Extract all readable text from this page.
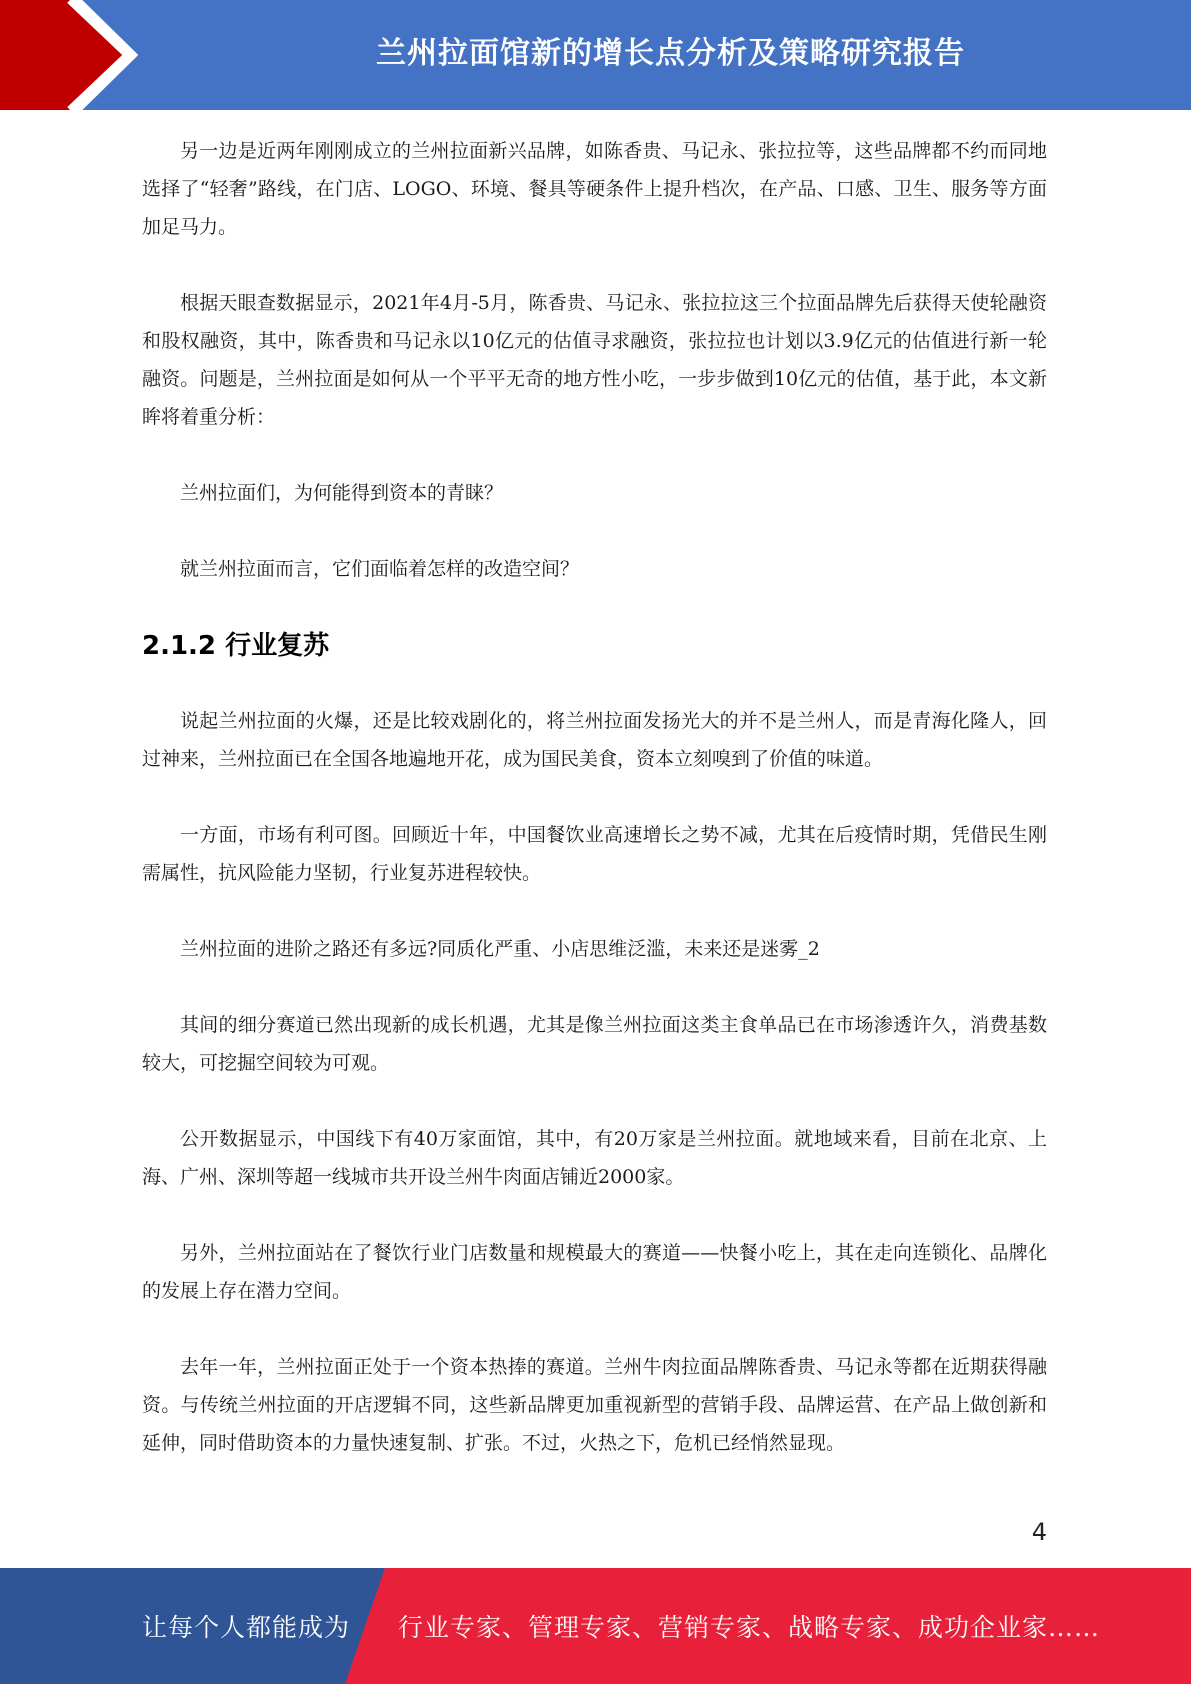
兰州拉面馆新的增长点分析及策略研究报告

另一边是近两年刚刚成立的兰州拉面新兴品牌，如陈香贵、马记永、张拉拉等，这些品牌都不约而同地选择了“轻奢”路线，在门店、LOGO、环境、餐具等硬条件上提升档次，在产品、口感、卫生、服务等方面加足马力。

根据天眼查数据显示，2021年4月-5月，陈香贵、马记永、张拉拉这三个拉面品牌先后获得天使轮融资和股权融资，其中，陈香贵和马记永以10亿元的估值寻求融资，张拉拉也计划以3.9亿元的估值进行新一轮融资。问题是，兰州拉面是如何从一个平平无奇的地方性小吃，一步步做到10亿元的估值，基于此，本文新眸将着重分析：

兰州拉面们，为何能得到资本的青睐？

就兰州拉面而言，它们面临着怎样的改造空间？

2.1.2 行业复苏

说起兰州拉面的火爆，还是比较戏剧化的，将兰州拉面发扬光大的并不是兰州人，而是青海化隆人，回过神来，兰州拉面已在全国各地遍地开花，成为国民美食，资本立刻嗅到了价值的味道。

一方面，市场有利可图。回顾近十年，中国餐饮业高速增长之势不减，尤其在后疫情时期，凭借民生刚需属性，抗风险能力坚韧，行业复苏进程较快。

兰州拉面的进阶之路还有多远?同质化严重、小店思维泛滥，未来还是迷雾_2

其间的细分赛道已然出现新的成长机遇，尤其是像兰州拉面这类主食单品已在市场渗透许久，消费基数较大，可挖掘空间较为可观。

公开数据显示，中国线下有40万家面馆，其中，有20万家是兰州拉面。就地域来看，目前在北京、上海、广州、深圳等超一线城市共开设兰州牛肉面店铺近2000家。

另外，兰州拉面站在了餐饮行业门店数量和规模最大的赛道——快餐小吃上，其在走向连锁化、品牌化的发展上存在潜力空间。

去年一年，兰州拉面正处于一个资本热捧的赛道。兰州牛肉拉面品牌陈香贵、马记永等都在近期获得融资。与传统兰州拉面的开店逻辑不同，这些新品牌更加重视新型的营销手段、品牌运营、在产品上做创新和延伸，同时借助资本的力量快速复制、扩张。不过，火热之下，危机已经悄然显现。

4
让每个人都能成为 行业专家、管理专家、营销专家、战略专家、成功企业家……
